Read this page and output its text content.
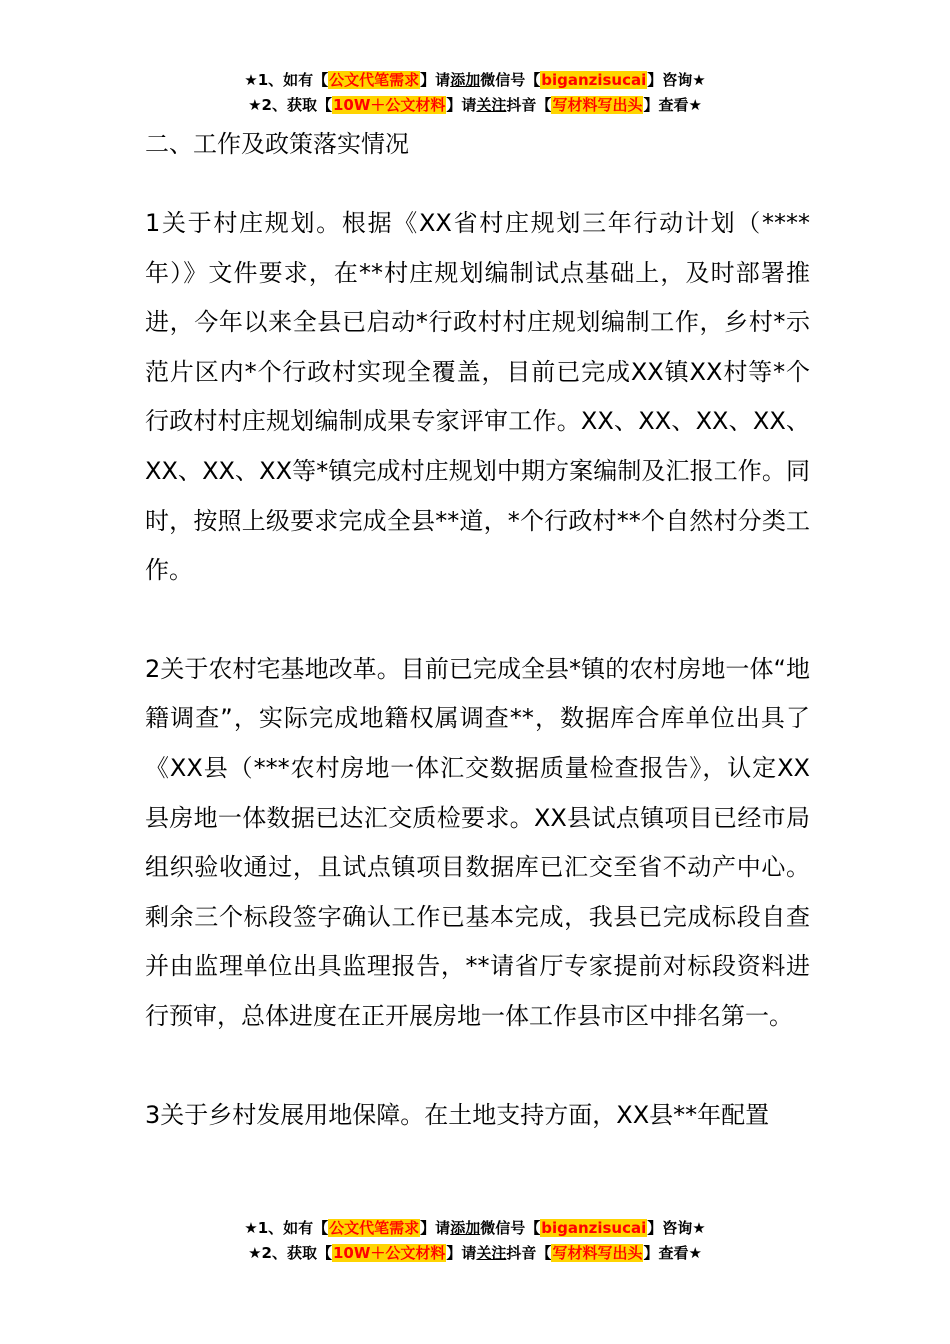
★1、如有【公文代笔需求】请添加微信号【biganzisucai】咨询★
★2、获取【10W＋公文材料】请关注抖音【写材料写出头】查看★
二、工作及政策落实情况

1关于村庄规划。根据《XX省村庄规划三年行动计划（****年）》文件要求，在**村庄规划编制试点基础上，及时部署推进，今年以来全县已启动*行政村村庄规划编制工作，乡村*示范片区内*个行政村实现全覆盖，目前已完成XX镇XX村等*个行政村村庄规划编制成果专家评审工作。XX、XX、XX、XX、XX、XX、XX等*镇完成村庄规划中期方案编制及汇报工作。同时，按照上级要求完成全县**道，*个行政村**个自然村分类工作。

2关于农村宅基地改革。目前已完成全县*镇的农村房地一体“地籍调查”，实际完成地籍权属调查**，数据库合库单位出具了《XX县（***农村房地一体汇交数据质量检查报告》，认定XX县房地一体数据已达汇交质检要求。XX县试点镇项目已经市局组织验收通过，且试点镇项目数据库已汇交至省不动产中心。剩余三个标段签字确认工作已基本完成，我县已完成标段自查并由监理单位出具监理报告，**请省厅专家提前对标段资料进行预审，总体进度在正开展房地一体工作县市区中排名第一。

3关于乡村发展用地保障。在土地支持方面，XX县**年配置

★1、如有【公文代笔需求】请添加微信号【biganzisucai】咨询★
★2、获取【10W＋公文材料】请关注抖音【写材料写出头】查看★
